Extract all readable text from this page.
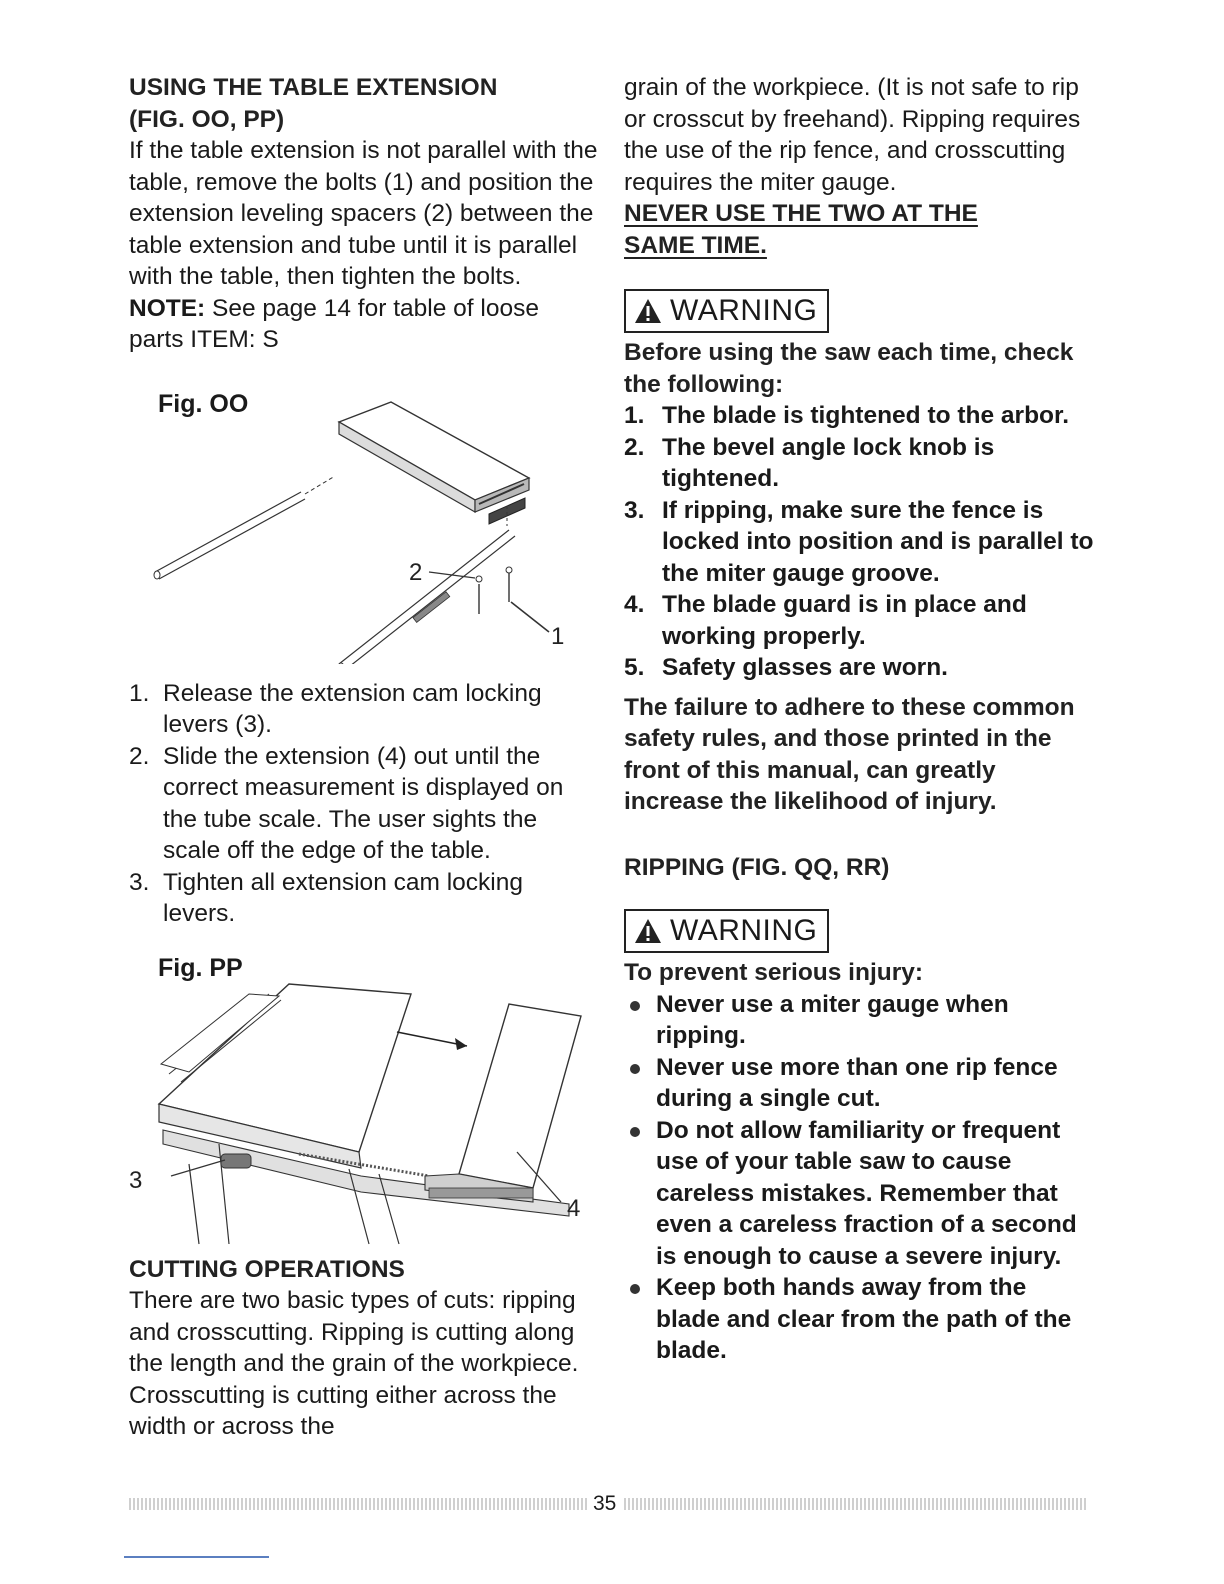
USING THE TABLE EXTENSION
(FIG. OO, PP)

If the table extension is not parallel with the table, remove the bolts (1) and position the extension leveling spacers (2) between the table extension and tube until it is parallel with the table, then tighten the bolts.

NOTE: See page 14 for table of loose parts ITEM: S

Fig. OO
2
1
1. Release the extension cam locking levers (3).
2. Slide the extension (4) out until the correct measurement is displayed on the tube scale. The user sights the scale off the edge of the table.
3. Tighten all extension cam locking levers.
Fig. PP
3
4

CUTTING OPERATIONS

There are two basic types of cuts: ripping and crosscutting. Ripping is cutting along the length and the grain of the workpiece. Crosscutting is cutting either across the width or across the

grain of the workpiece. (It is not safe to rip or crosscut by freehand). Ripping requires the use of the rip fence, and crosscutting requires the miter gauge.

NEVER USE THE TWO AT THE
SAME TIME.

WARNING

Before using the saw each time, check the following:

1. The blade is tightened to the arbor.
2. The bevel angle lock knob is tightened.
3. If ripping, make sure the fence is locked into position and is parallel to the miter gauge groove.
4. The blade guard is in place and working properly.
5. Safety glasses are worn.

The failure to adhere to these common safety rules, and those printed in the front of this manual, can greatly increase the likelihood of injury.

RIPPING (FIG. QQ, RR)

WARNING

To prevent serious injury:

Never use a miter gauge when ripping.
Never use more than one rip fence during a single cut.
Do not allow familiarity or frequent use of your table saw to cause careless mistakes. Remember that even a careless fraction of a second is enough to cause a severe injury.
Keep both hands away from the blade and clear from the path of the blade.
35
